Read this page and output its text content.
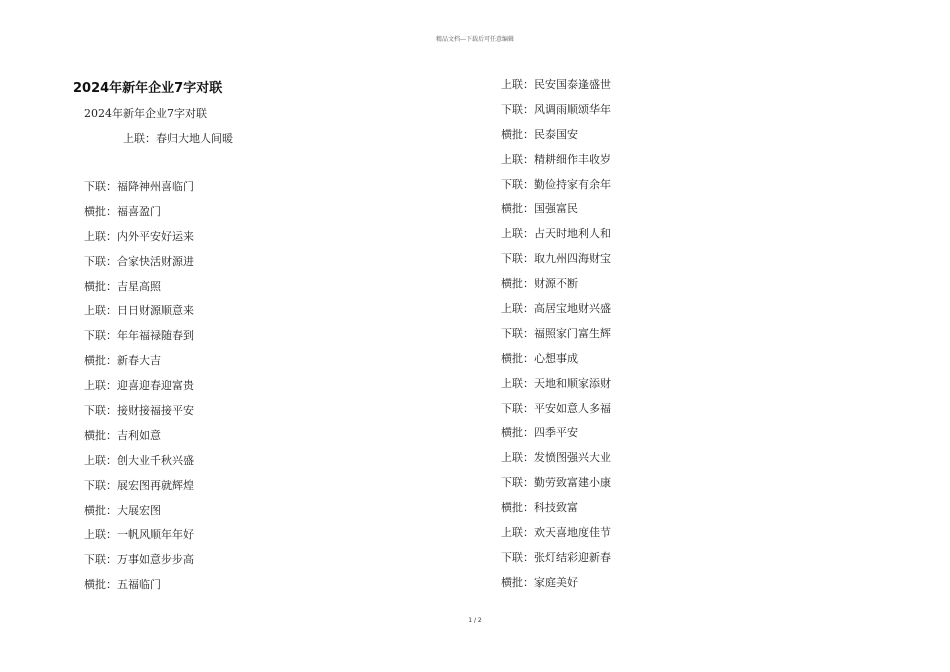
精品文档---下载后可任意编辑
2024年新年企业7字对联
2024年新年企业7字对联
上联：春归大地人间暖
下联：福降神州喜临门
横批：福喜盈门
上联：内外平安好运来
下联：合家快活财源进
横批：吉星高照
上联：日日财源顺意来
下联：年年福禄随春到
横批：新春大吉
上联：迎喜迎春迎富贵
下联：接财接福接平安
横批：吉利如意
上联：创大业千秋兴盛
下联：展宏图再就辉煌
横批：大展宏图
上联：一帆风顺年年好
下联：万事如意步步高
横批：五福临门
上联：民安国泰逢盛世
下联：风调雨顺颂华年
横批：民泰国安
上联：精耕细作丰收岁
下联：勤俭持家有余年
横批：国强富民
上联：占天时地利人和
下联：取九州四海财宝
横批：财源不断
上联：高居宝地财兴盛
下联：福照家门富生辉
横批：心想事成
上联：天地和顺家添财
下联：平安如意人多福
横批：四季平安
上联：发愤图强兴大业
下联：勤劳致富建小康
横批：科技致富
上联：欢天喜地度佳节
下联：张灯结彩迎新春
横批：家庭美好
1 / 2
